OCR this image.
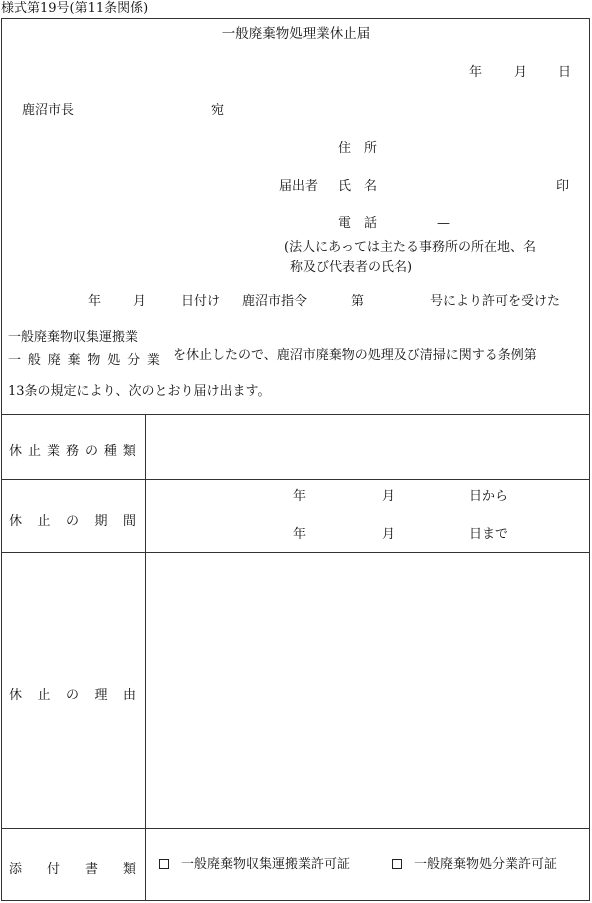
様式第19号(第11条関係)
一般廃棄物処理業休止届
年 月 日
鹿沼市長	宛
住　所
届出者 氏　名	印
電　話	—
(法人にあっては主たる事務所の所在地、名
称及び代表者の氏名)
年 月	日付け 鹿沼市指令	第	号により許可を受けた
一般廃棄物収集運搬業
一 般 廃 棄 物 処 分 業 を休止したので、鹿沼市廃棄物の処理及び清掃に関する条例第
13条の規定により、次のとおり届け出ます。
休 止 業 務 の 種 類
休 止 の 期 間
年	月	日から
年	月	日まで
休 止 の 理 由
添 付 書 類	一般廃棄物収集運搬業許可証	一般廃棄物処分業許可証
